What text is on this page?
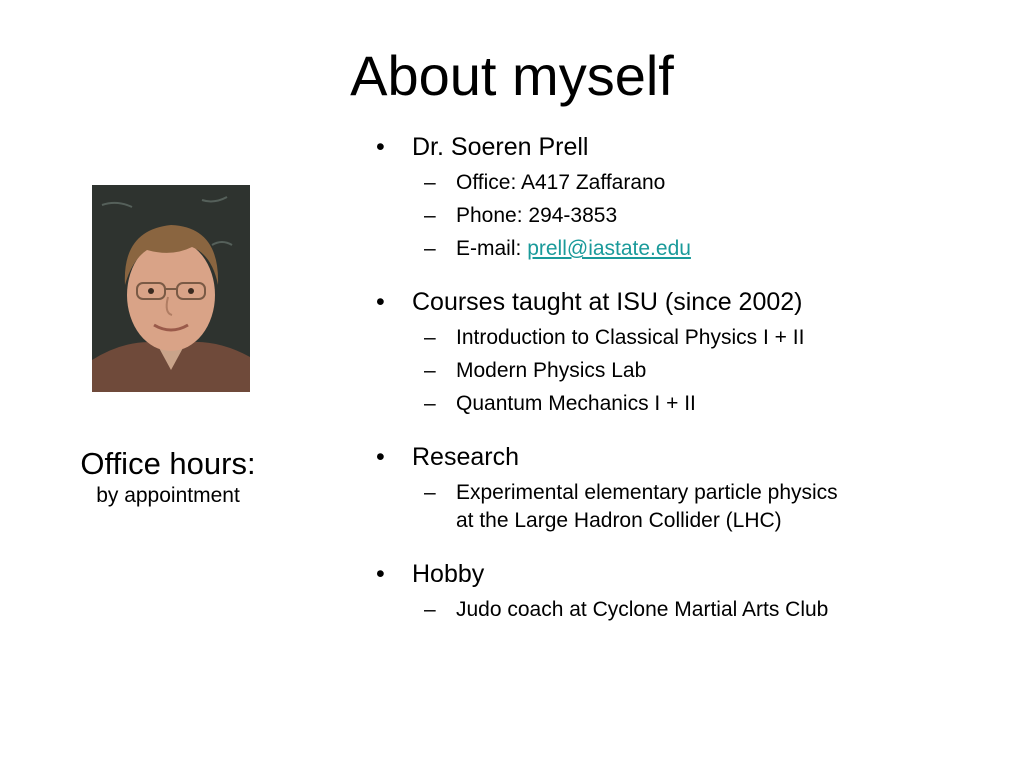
About myself
Office hours:
by appointment
• Dr. Soeren Prell
– Office: A417 Zaffarano
– Phone: 294-3853
– E-mail: prell@iastate.edu
• Courses taught at ISU (since 2002)
– Introduction to Classical Physics I + II
– Modern Physics Lab
– Quantum Mechanics I + II
• Research
– Experimental elementary particle physics
at the Large Hadron Collider (LHC)
• Hobby
– Judo coach at Cyclone Martial Arts Club
